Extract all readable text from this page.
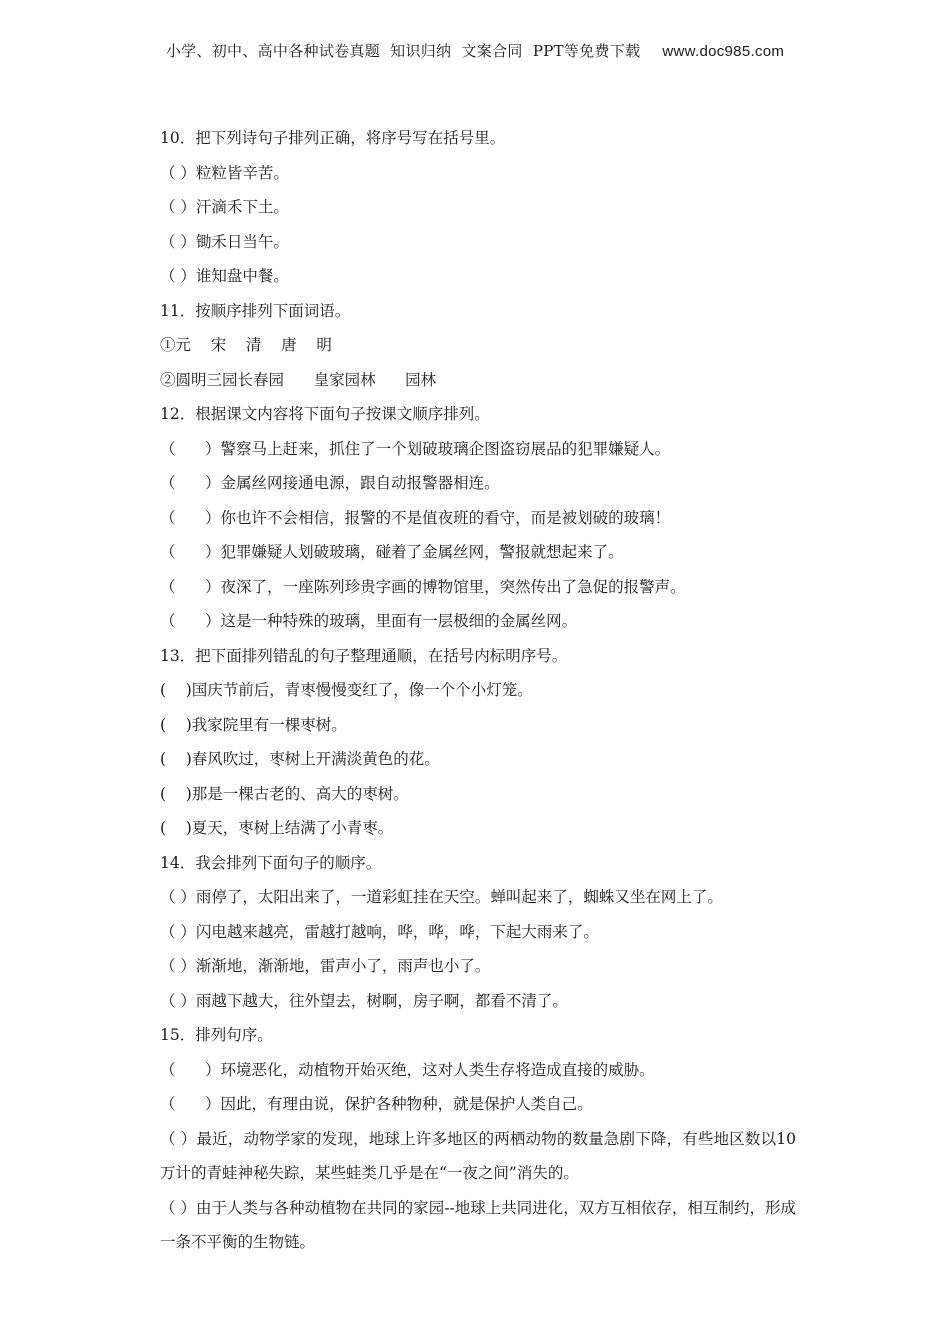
小学、初中、高中各种试卷真题  知识归纳  文案合同  PPT等免费下载 www.doc985.com
10．把下列诗句子排列正确，将序号写在括号里。
（ ）粒粒皆辛苦。
（ ）汗滴禾下土。
（ ）锄禾日当午。
（ ）谁知盘中餐。
11．按顺序排列下面词语。
①元    宋    清    唐    明
②圆明三园长春园      皇家园林      园林
12．根据课文内容将下面句子按课文顺序排列。
（      ）警察马上赶来，抓住了一个划破玻璃企图盗窃展品的犯罪嫌疑人。
（      ）金属丝网接通电源，跟自动报警器相连。
（      ）你也许不会相信，报警的不是值夜班的看守，而是被划破的玻璃！
（      ）犯罪嫌疑人划破玻璃，碰着了金属丝网，警报就想起来了。
（      ）夜深了，一座陈列珍贵字画的博物馆里，突然传出了急促的报警声。
（      ）这是一种特殊的玻璃，里面有一层极细的金属丝网。
13．把下面排列错乱的句子整理通顺，在括号内标明序号。
(    )国庆节前后，青枣慢慢变红了，像一个个小灯笼。
(    )我家院里有一棵枣树。
(    )春风吹过，枣树上开满淡黄色的花。
(    )那是一棵古老的、高大的枣树。
(    )夏天，枣树上结满了小青枣。
14．我会排列下面句子的顺序。
（ ）雨停了，太阳出来了，一道彩虹挂在天空。蝉叫起来了，蜘蛛又坐在网上了。
（ ）闪电越来越亮，雷越打越响，哗，哗，哗，下起大雨来了。
（ ）渐渐地，渐渐地，雷声小了，雨声也小了。
（ ）雨越下越大，往外望去，树啊，房子啊，都看不清了。
15．排列句序。
（      ）环境恶化，动植物开始灭绝，这对人类生存将造成直接的威胁。
（      ）因此，有理由说，保护各种物种，就是保护人类自己。
（ ）最近，动物学家的发现，地球上许多地区的两栖动物的数量急剧下降，有些地区数以10万计的青蛙神秘失踪，某些蛙类几乎是在“一夜之间”消失的。
（ ）由于人类与各种动植物在共同的家园--地球上共同进化，双方互相依存，相互制约，形成一条不平衡的生物链。
